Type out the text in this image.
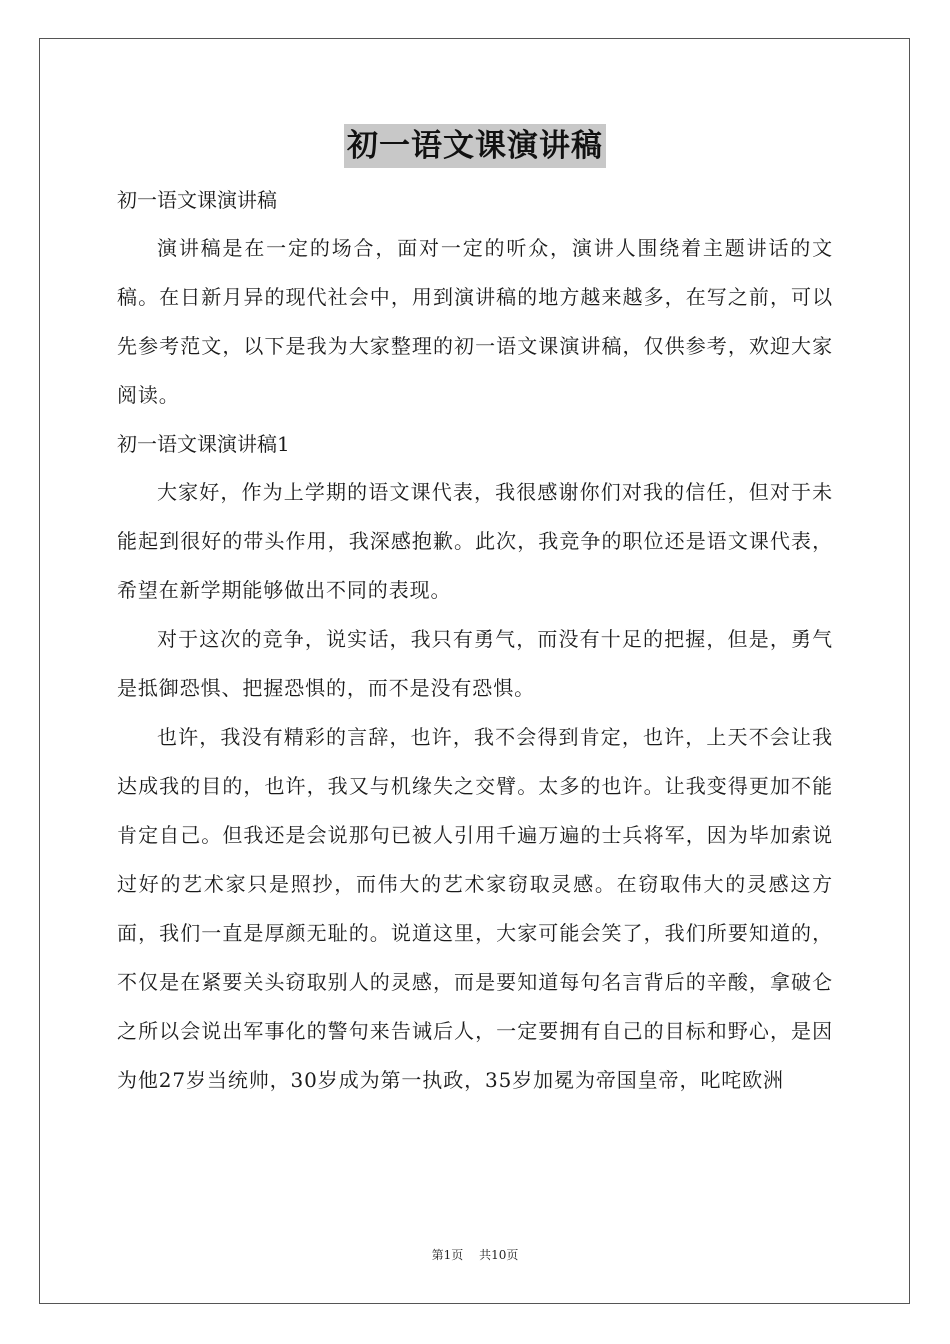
初一语文课演讲稿

初一语文课演讲稿

演讲稿是在一定的场合，面对一定的听众，演讲人围绕着主题讲话的文稿。在日新月异的现代社会中，用到演讲稿的地方越来越多，在写之前，可以先参考范文，以下是我为大家整理的初一语文课演讲稿，仅供参考，欢迎大家阅读。

初一语文课演讲稿1

大家好，作为上学期的语文课代表，我很感谢你们对我的信任，但对于未能起到很好的带头作用，我深感抱歉。此次，我竞争的职位还是语文课代表，希望在新学期能够做出不同的表现。

对于这次的竞争，说实话，我只有勇气，而没有十足的把握，但是，勇气是抵御恐惧、把握恐惧的，而不是没有恐惧。

也许，我没有精彩的言辞，也许，我不会得到肯定，也许，上天不会让我达成我的目的，也许，我又与机缘失之交臂。太多的也许。让我变得更加不能肯定自己。但我还是会说那句已被人引用千遍万遍的士兵将军，因为毕加索说过好的艺术家只是照抄，而伟大的艺术家窃取灵感。在窃取伟大的灵感这方面，我们一直是厚颜无耻的。说道这里，大家可能会笑了，我们所要知道的，不仅是在紧要关头窃取别人的灵感，而是要知道每句名言背后的辛酸，拿破仑之所以会说出军事化的警句来告诫后人，一定要拥有自己的目标和野心，是因为他27岁当统帅，30岁成为第一执政，35岁加冕为帝国皇帝，叱咤欧洲

第1页 共10页
